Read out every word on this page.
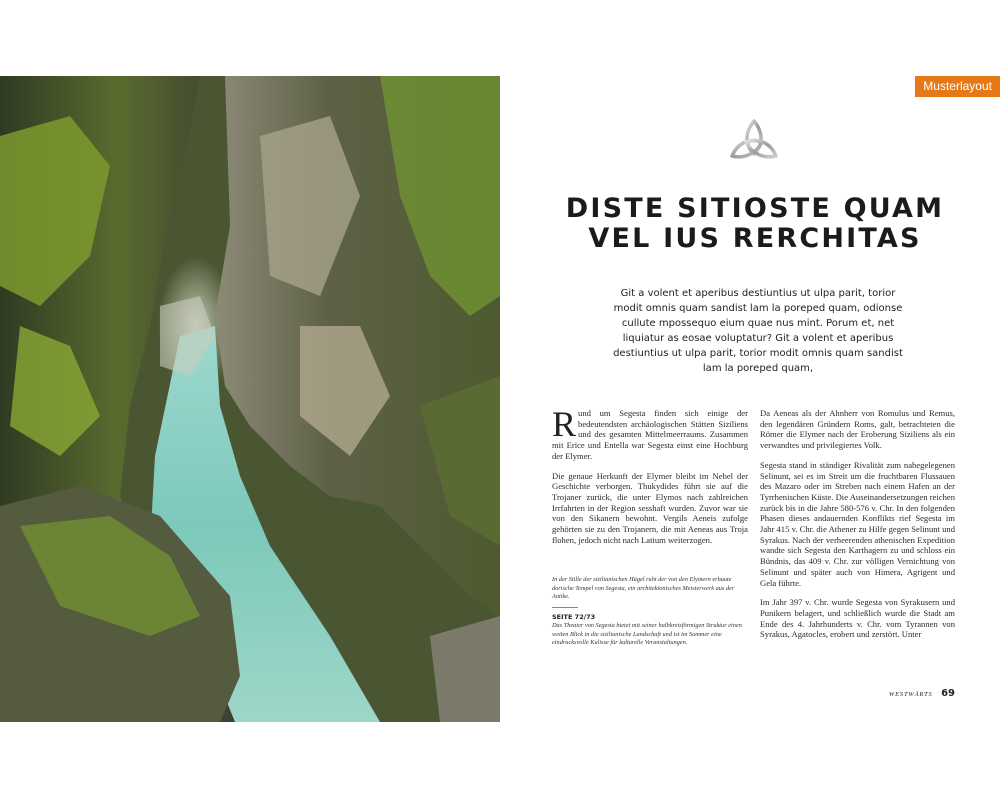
Musterlayout
DISTE SITIOSTE QUAM
VEL IUS RERCHITAS
Git a volent et aperibus destiuntius ut ulpa parit, torior modit omnis quam sandist lam la poreped quam, odionse cullute mpossequo eium quae nus mint. Porum et, net liquiatur as eosae voluptatur? Git a volent et aperibus destiuntius ut ulpa parit, torior modit omnis quam sandist lam la poreped quam,

Rund um Segesta finden sich einige der bedeutendsten archäologischen Stätten Siziliens und des gesamten Mittelmeerraums. Zusammen mit Erice und Entella war Segesta einst eine Hochburg der Elymer.

Die genaue Herkunft der Elymer bleibt im Nebel der Geschichte verborgen. Thukydides führt sie auf die Trojaner zurück, die unter Elymos nach zahlreichen Irrfahrten in der Region sesshaft wurden. Zuvor war sie von den Sikanern bewohnt. Vergils Aeneis zufolge gehörten sie zu den Trojanern, die mit Aeneas aus Troja flohen, jedoch nicht nach Latium weiterzogen.

Da Aeneas als der Ahnherr von Romulus und Remus, den legendären Gründern Roms, galt, betrachteten die Römer die Elymer nach der Eroberung Siziliens als ein verwandtes und privilegiertes Volk.

Segesta stand in ständiger Rivalität zum nahegelegenen Selinunt, sei es im Streit um die fruchtbaren Flussauen des Mazaro oder im Streben nach einem Hafen an der Tyrrhenischen Küste. Die Auseinandersetzungen reichen zurück bis in die Jahre 580-576 v. Chr. In den folgenden Phasen dieses andauernden Konflikts rief Segesta im Jahr 415 v. Chr. die Athener zu Hilfe gegen Selinunt und Syrakus. Nach der verheerenden athenischen Expedition wandte sich Segesta den Karthagern zu und schloss ein Bündnis, das 409 v. Chr. zur völligen Vernichtung von Selinunt und später auch von Himera, Agrigent und Gela führte.

Im Jahr 397 v. Chr. wurde Segesta von Syrakusern und Punikern belagert, und schließlich wurde die Stadt am Ende des 4. Jahrhunderts v. Chr. vom Tyrannen von Syrakus, Agatocles, erobert und zerstört. Unter

In der Stille der sizilianischen Hügel ruht der von den Elymern erbaute dorische Tempel von Segesta, ein architektonisches Meisterwerk aus der Antike.
SEITE 72/73
Das Theater von Segesta bietet mit seiner halbkreisförmigen Struktur einen weiten Blick in die sizilianische Landschaft und ist im Sommer eine eindrucksvolle Kulisse für kulturelle Veranstaltungen.
WESTWÄRTS 69
